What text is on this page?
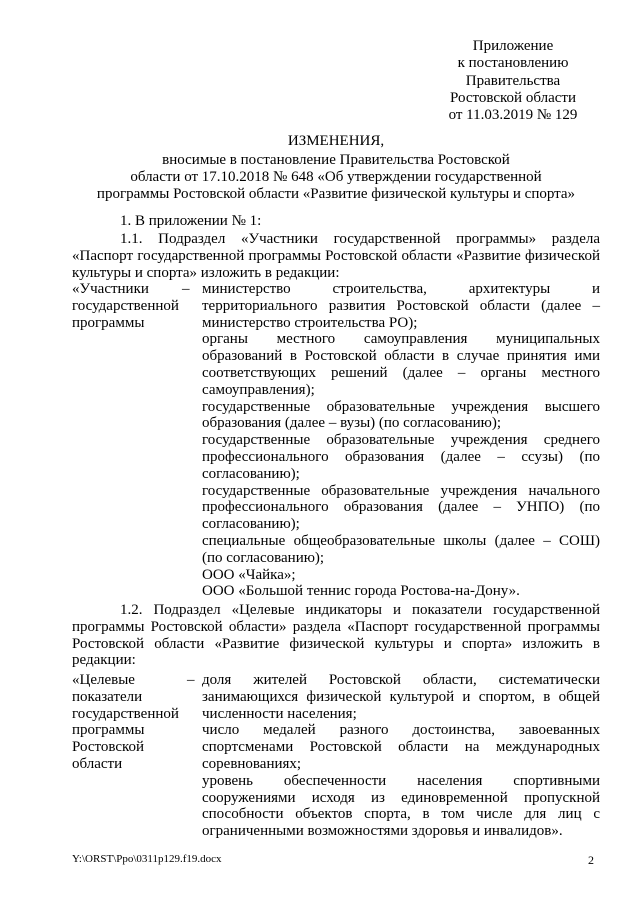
Приложение
к постановлению
Правительства
Ростовской области
от 11.03.2019 № 129
ИЗМЕНЕНИЯ,
вносимые в постановление Правительства Ростовской
области от 17.10.2018 № 648 «Об утверждении государственной
программы Ростовской области «Развитие физической культуры и спорта»
1. В приложении № 1:
1.1. Подраздел «Участники государственной программы» раздела «Паспорт государственной программы Ростовской области «Развитие физической культуры и спорта» изложить в редакции:
«Участники
государственной
программы
– министерство строительства, архитектуры и территориального развития Ростовской области (далее – министерство строительства РО);
органы местного самоуправления муниципальных образований в Ростовской области в случае принятия ими соответствующих решений (далее – органы местного самоуправления);
государственные образовательные учреждения высшего образования (далее – вузы) (по согласованию);
государственные образовательные учреждения среднего профессионального образования (далее – ссузы) (по согласованию);
государственные образовательные учреждения начального профессионального образования (далее – УНПО) (по согласованию);
специальные общеобразовательные школы (далее – СОШ) (по согласованию);
ООО «Чайка»;
ООО «Большой теннис города Ростова-на-Дону».
1.2. Подраздел «Целевые индикаторы и показатели государственной программы Ростовской области» раздела «Паспорт государственной программы Ростовской области «Развитие физической культуры и спорта» изложить в редакции:
«Целевые
показатели
государственной
программы
Ростовской
области
– доля жителей Ростовской области, систематически занимающихся физической культурой и спортом, в общей численности населения;
число медалей разного достоинства, завоеванных спортсменами Ростовской области на международных соревнованиях;
уровень обеспеченности населения спортивными сооружениями исходя из единовременной пропускной способности объектов спорта, в том числе для лиц с ограниченными возможностями здоровья и инвалидов».
Y:\ORST\Ppo\0311p129.f19.docx	2
